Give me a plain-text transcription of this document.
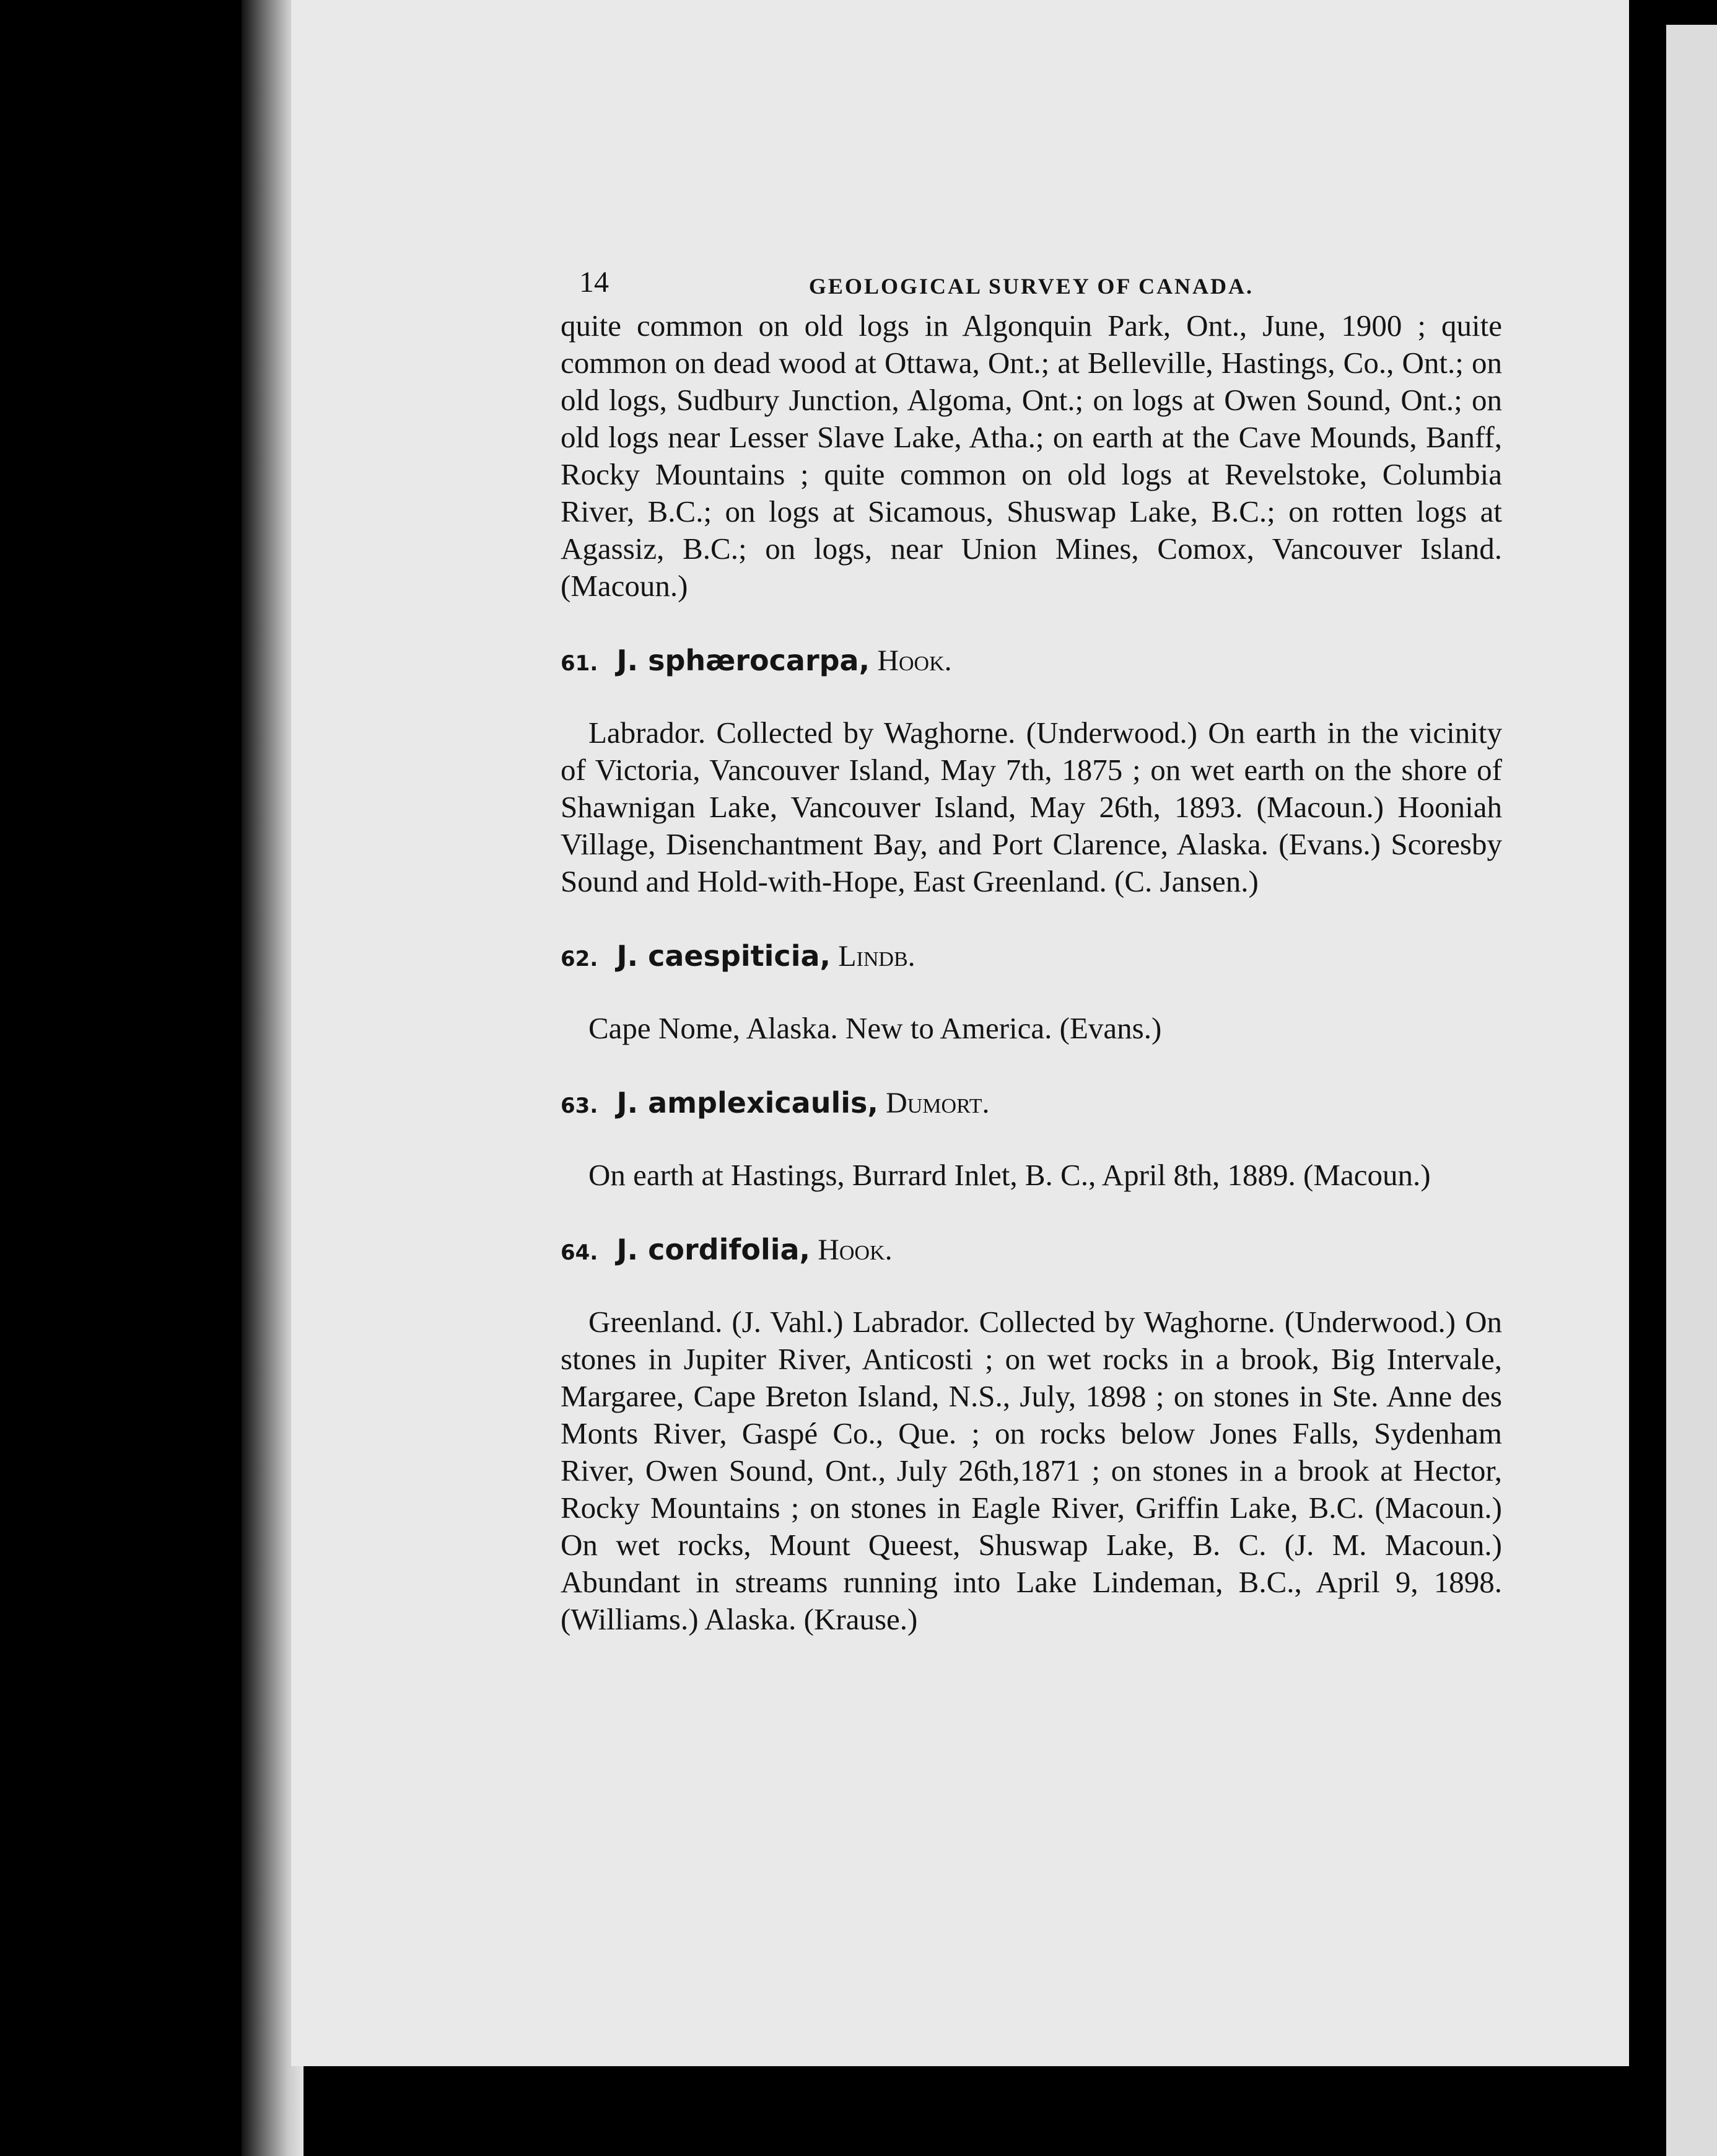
14	GEOLOGICAL SURVEY OF CANADA.

quite common on old logs in Algonquin Park, Ont., June, 1900 ; quite common on dead wood at Ottawa, Ont.; at Belleville, Hastings, Co., Ont.; on old logs, Sudbury Junction, Algoma, Ont.; on logs at Owen Sound, Ont.; on old logs near Lesser Slave Lake, Atha.; on earth at the Cave Mounds, Banff, Rocky Mountains ; quite common on old logs at Revelstoke, Columbia River, B.C.; on logs at Sicamous, Shuswap Lake, B.C.; on rotten logs at Agassiz, B.C.; on logs, near Union Mines, Comox, Vancouver Island. (Macoun.)

61. J. sphærocarpa, Hook.

Labrador. Collected by Waghorne. (Underwood.) On earth in the vicinity of Victoria, Vancouver Island, May 7th, 1875 ; on wet earth on the shore of Shawnigan Lake, Vancouver Island, May 26th, 1893. (Macoun.) Hooniah Village, Disenchantment Bay, and Port Clarence, Alaska. (Evans.) Scoresby Sound and Hold-with-Hope, East Greenland. (C. Jansen.)

62. J. caespiticia, Lindb.

Cape Nome, Alaska. New to America. (Evans.)

63. J. amplexicaulis, Dumort.

On earth at Hastings, Burrard Inlet, B. C., April 8th, 1889. (Macoun.)

64. J. cordifolia, Hook.

Greenland. (J. Vahl.) Labrador. Collected by Waghorne. (Underwood.) On stones in Jupiter River, Anticosti ; on wet rocks in a brook, Big Intervale, Margaree, Cape Breton Island, N.S., July, 1898 ; on stones in Ste. Anne des Monts River, Gaspé Co., Que. ; on rocks below Jones Falls, Sydenham River, Owen Sound, Ont., July 26th,1871 ; on stones in a brook at Hector, Rocky Mountains ; on stones in Eagle River, Griffin Lake, B.C. (Macoun.) On wet rocks, Mount Queest, Shuswap Lake, B. C. (J. M. Macoun.) Abundant in streams running into Lake Lindeman, B.C., April 9, 1898. (Williams.) Alaska. (Krause.)
